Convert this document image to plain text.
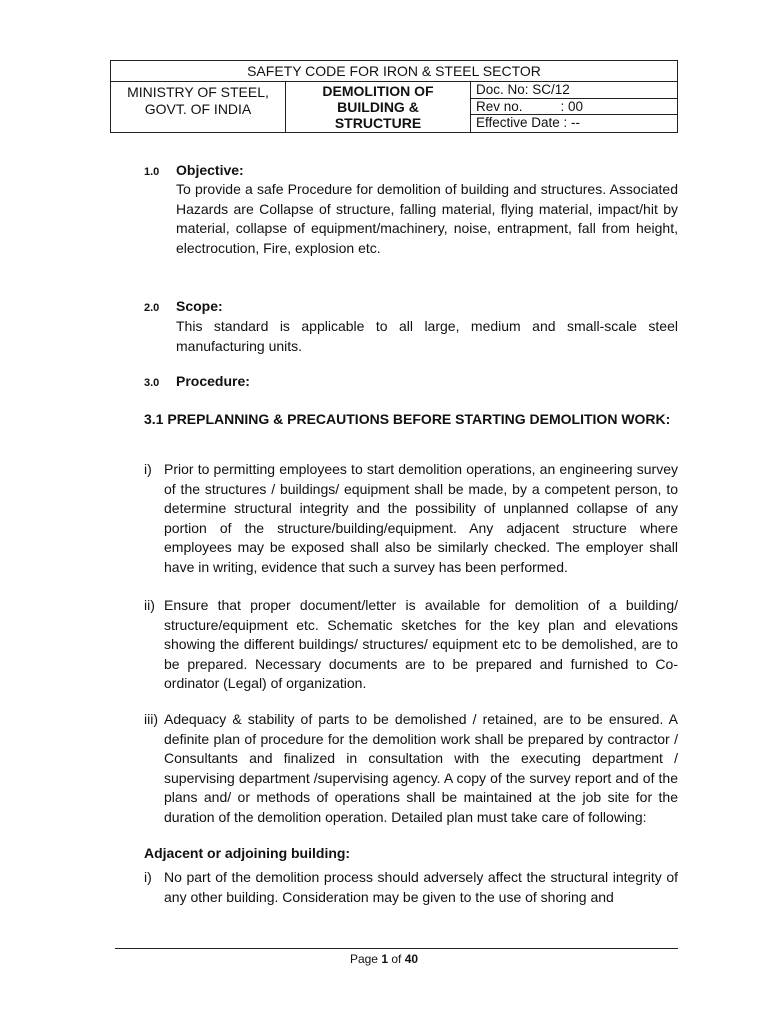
SAFETY CODE FOR IRON & STEEL SECTOR
MINISTRY OF STEEL,
GOVT. OF INDIA
DEMOLITION OF
BUILDING &
STRUCTURE
Doc. No: SC/12
Rev no.	: 00
Effective Date : --
1.0 Objective:
To provide a safe Procedure for demolition of building and structures. Associated Hazards are Collapse of structure, falling material, flying material, impact/hit by material, collapse of equipment/machinery, noise, entrapment, fall from height, electrocution, Fire, explosion etc.
2.0 Scope:
This standard is applicable to all large, medium and small-scale steel manufacturing units.
3.0 Procedure:
3.1 PREPLANNING & PRECAUTIONS BEFORE STARTING DEMOLITION WORK:
i) Prior to permitting employees to start demolition operations, an engineering survey of the structures / buildings/ equipment shall be made, by a competent person, to determine structural integrity and the possibility of unplanned collapse of any portion of the structure/building/equipment. Any adjacent structure where employees may be exposed shall also be similarly checked. The employer shall have in writing, evidence that such a survey has been performed.
ii) Ensure that proper document/letter is available for demolition of a building/ structure/equipment etc. Schematic sketches for the key plan and elevations showing the different buildings/ structures/ equipment etc to be demolished, are to be prepared. Necessary documents are to be prepared and furnished to Co-ordinator (Legal) of organization.
iii) Adequacy & stability of parts to be demolished / retained, are to be ensured. A definite plan of procedure for the demolition work shall be prepared by contractor / Consultants and finalized in consultation with the executing department / supervising department /supervising agency. A copy of the survey report and of the plans and/ or methods of operations shall be maintained at the job site for the duration of the demolition operation. Detailed plan must take care of following:
Adjacent or adjoining building:
i) No part of the demolition process should adversely affect the structural integrity of any other building. Consideration may be given to the use of shoring and
Page 1 of 40
